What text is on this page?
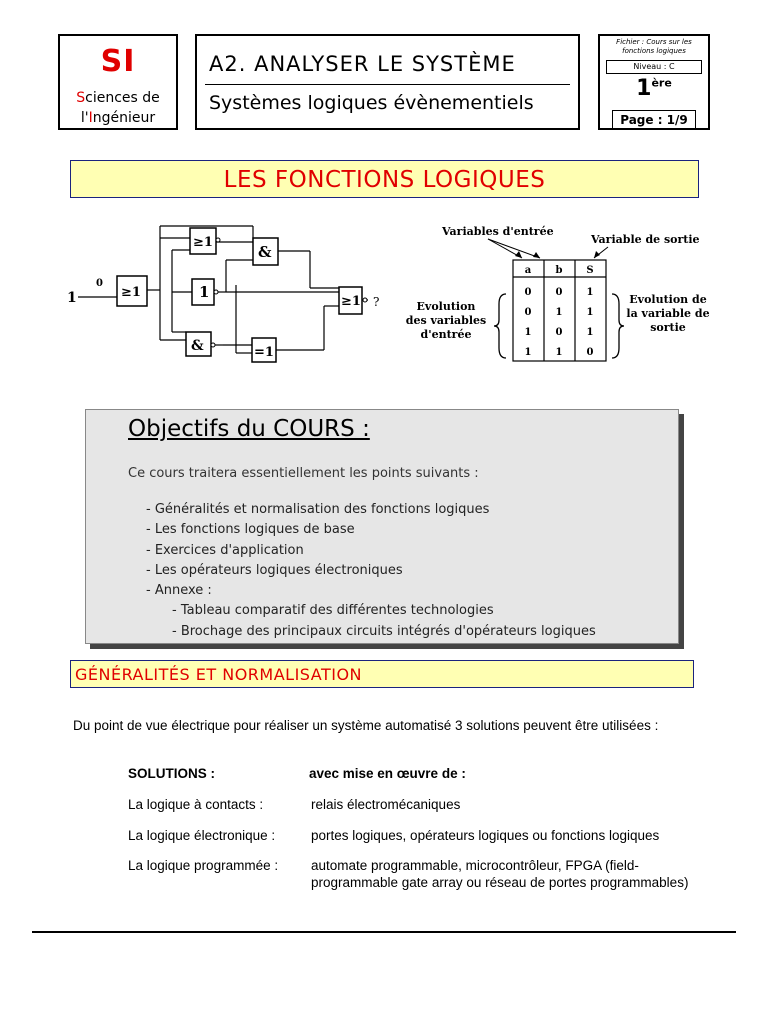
SI
Sciences de
l'Ingénieur
A2. ANALYSER LE SYSTÈME
Systèmes logiques évènementiels
Fichier : Cours sur les fonctions logiques
Niveau : C
1ère
Page : 1/9
LES FONCTIONS LOGIQUES
1
0
≥1
≥1
&
1
&	=1
≥1 ?
Variables d'entrée
Variable de sortie
Evolution
des variables
d'entrée
Evolution de
la variable de
sortie
a b S
0 0 1
0 1 1
1 0 1
1 1 0
Objectifs du COURS :
Ce cours traitera essentiellement les points suivants :
- Généralités et normalisation des fonctions logiques
- Les fonctions logiques de base
- Exercices d'application
- Les opérateurs logiques électroniques
- Annexe :
- Tableau comparatif des différentes technologies
- Brochage des principaux circuits intégrés d'opérateurs logiques
GÉNÉRALITÉS ET NORMALISATION
Du point de vue électrique pour réaliser un système automatisé 3 solutions peuvent être utilisées :
SOLUTIONS :	avec mise en œuvre de :
La logique à contacts :	relais électromécaniques
La logique électronique :	portes logiques, opérateurs logiques ou fonctions logiques
La logique programmée : automate programmable, microcontrôleur, FPGA (field-
programmable gate array ou réseau de portes programmables)
